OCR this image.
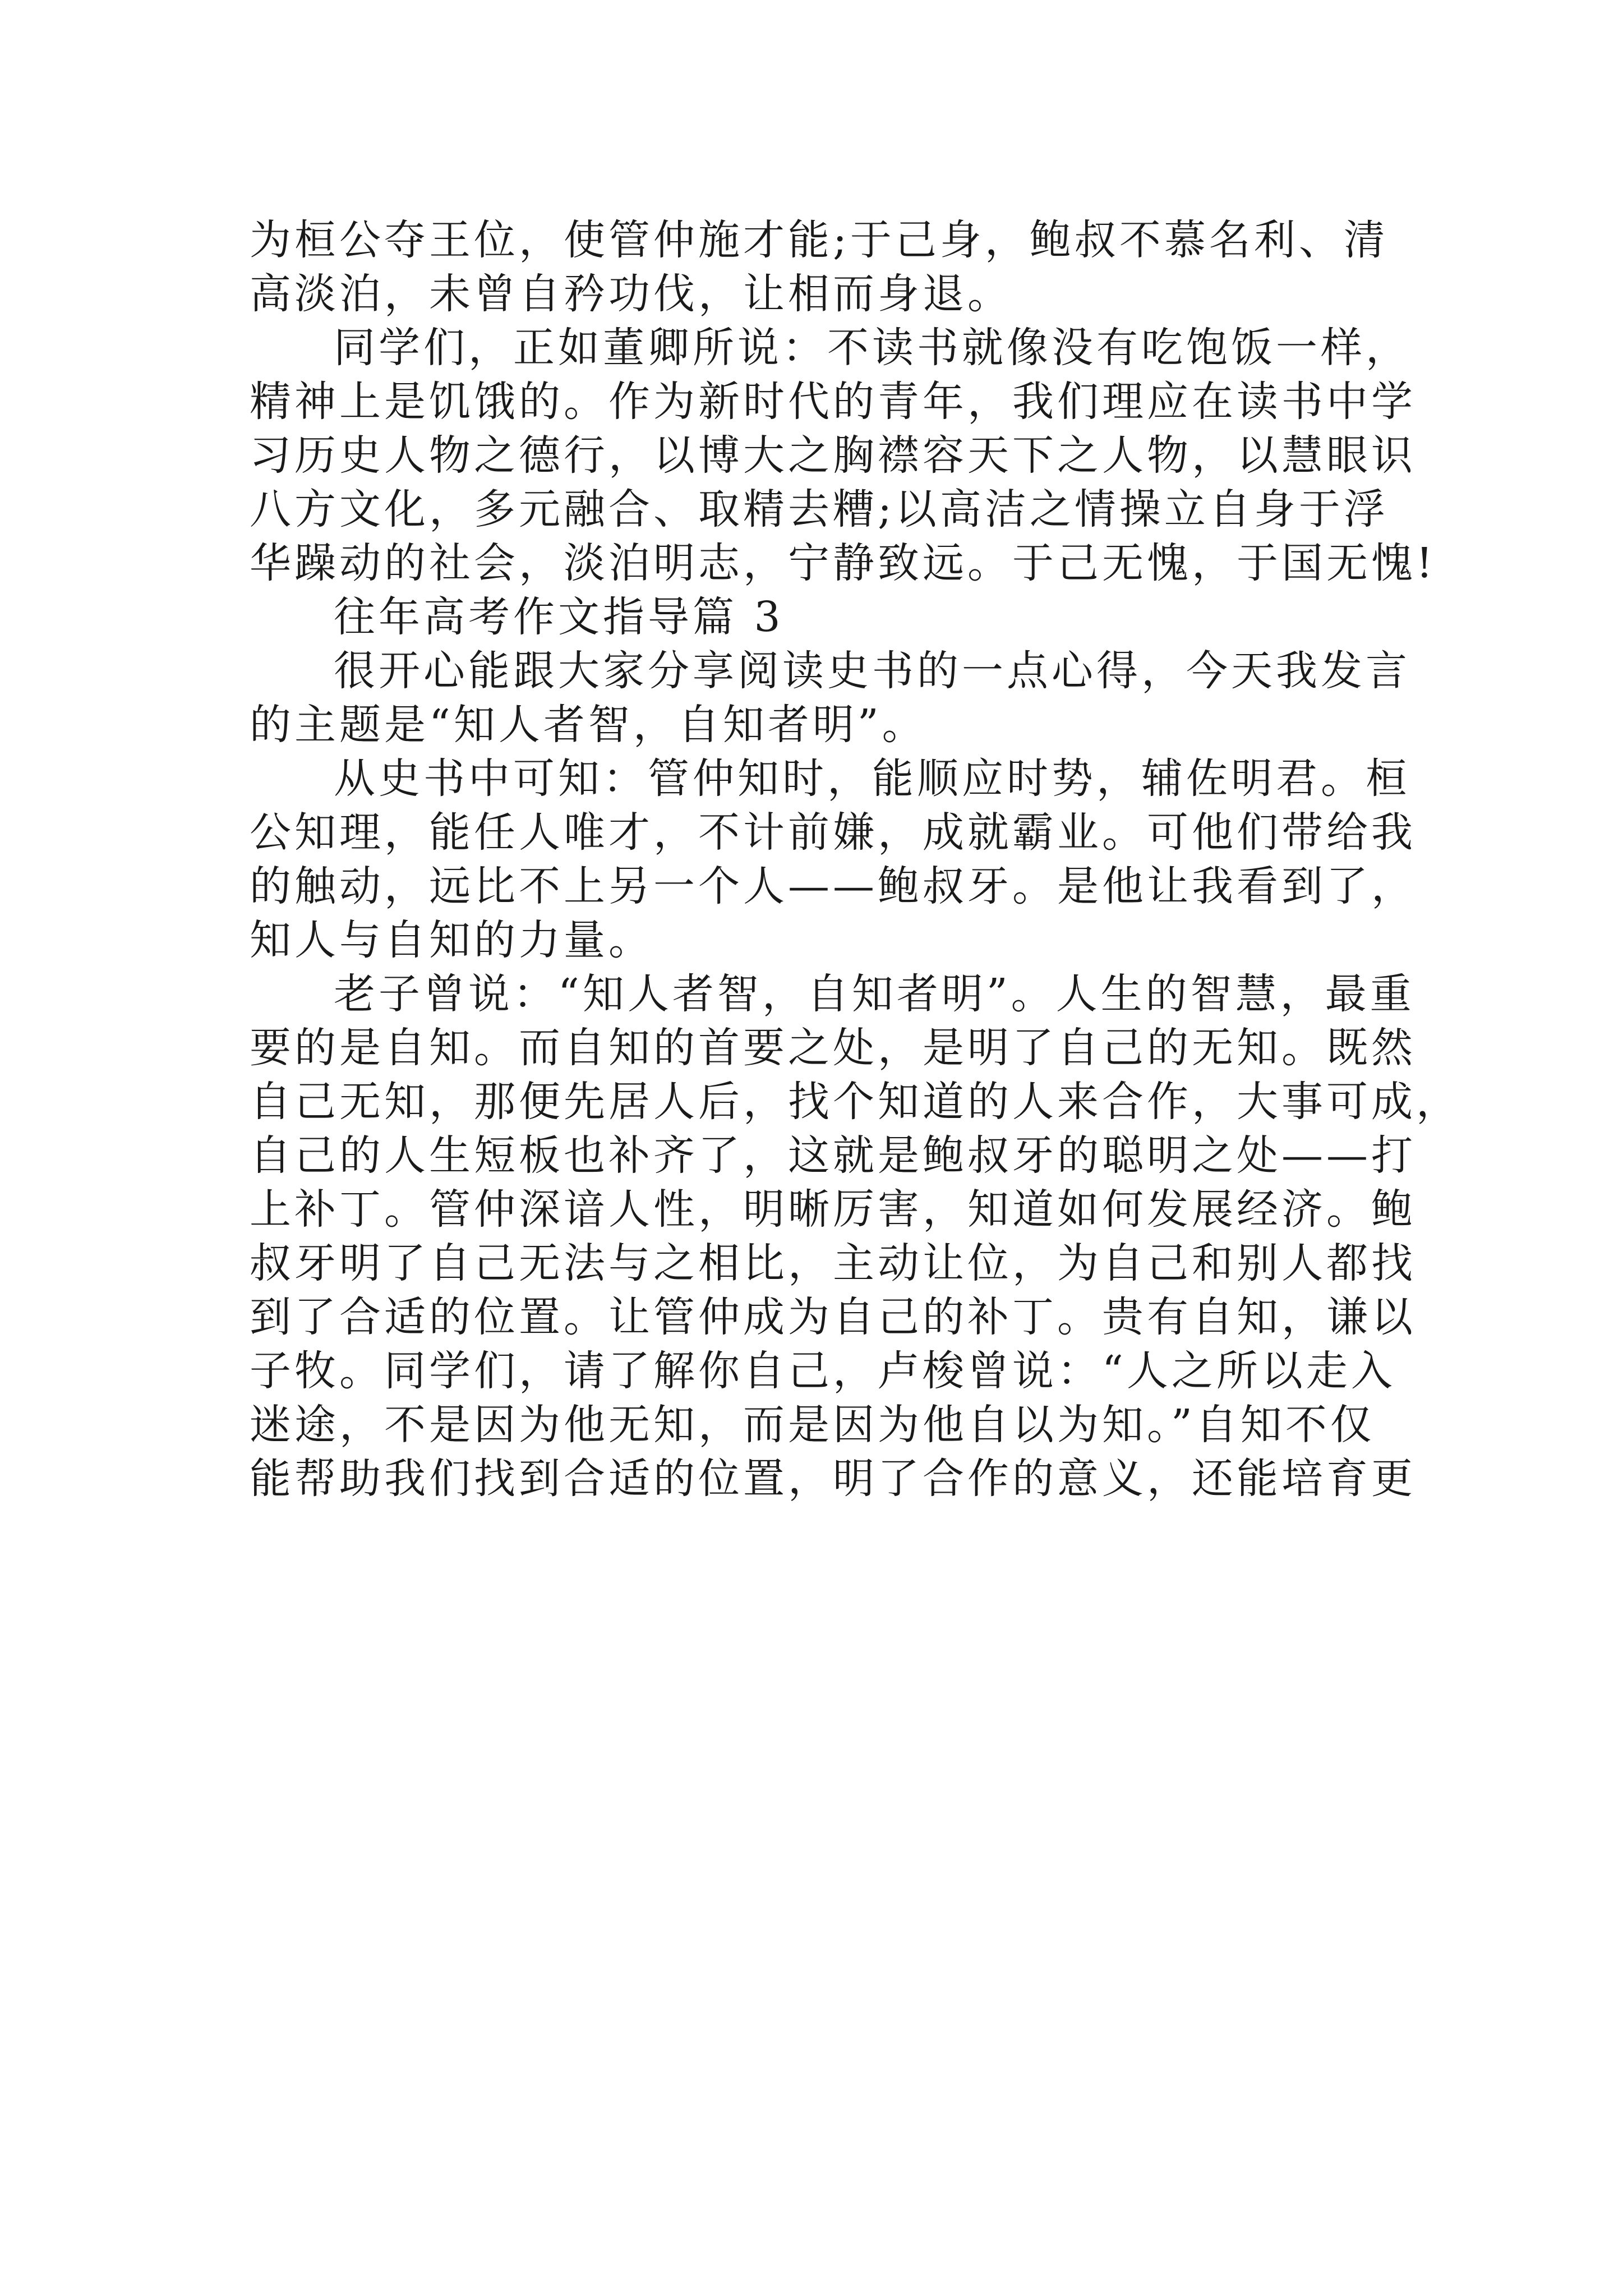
为桓公夺王位，使管仲施才能;于己身，鲍叔不慕名利、清
高淡泊，未曾自矜功伐，让相而身退。
同学们，正如董卿所说：不读书就像没有吃饱饭一样，
精神上是饥饿的。作为新时代的青年，我们理应在读书中学
习历史人物之德行，以博大之胸襟容天下之人物，以慧眼识
八方文化，多元融合、取精去糟;以高洁之情操立自身于浮
华躁动的社会，淡泊明志，宁静致远。于己无愧，于国无愧!
往年高考作文指导篇 3
很开心能跟大家分享阅读史书的一点心得，今天我发言
的主题是“知人者智，自知者明”。
从史书中可知：管仲知时，能顺应时势，辅佐明君。桓
公知理，能任人唯才，不计前嫌，成就霸业。可他们带给我
的触动，远比不上另一个人——鲍叔牙。是他让我看到了，
知人与自知的力量。
老子曾说：“知人者智，自知者明”。人生的智慧，最重
要的是自知。而自知的首要之处，是明了自己的无知。既然
自己无知，那便先居人后，找个知道的人来合作，大事可成，
自己的人生短板也补齐了，这就是鲍叔牙的聪明之处——打
上补丁。管仲深谙人性，明晰厉害，知道如何发展经济。鲍
叔牙明了自己无法与之相比，主动让位，为自己和别人都找
到了合适的位置。让管仲成为自己的补丁。贵有自知，谦以
子牧。同学们，请了解你自己，卢梭曾说：“人之所以走入
迷途，不是因为他无知，而是因为他自以为知。”自知不仅
能帮助我们找到合适的位置，明了合作的意义，还能培育更
